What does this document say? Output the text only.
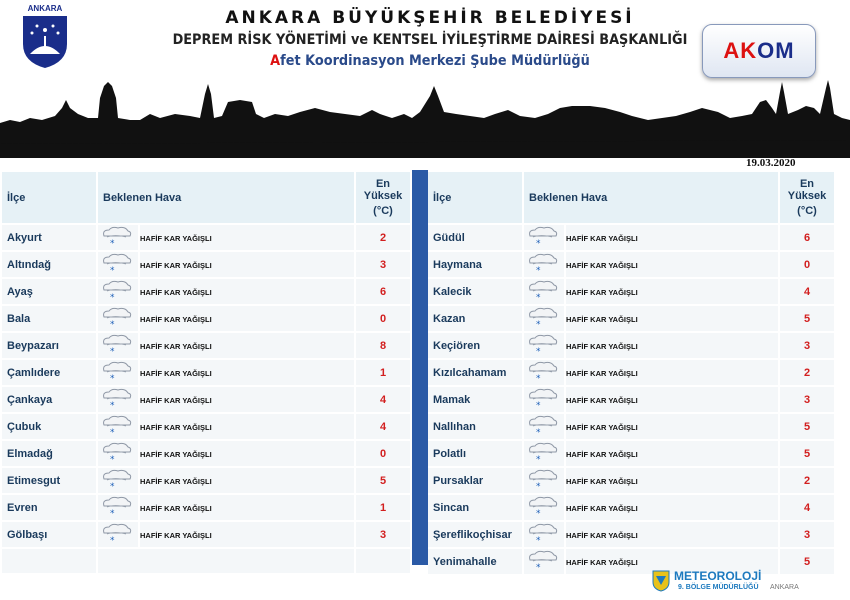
ANKARA	ANKARA BÜYÜKŞEHİR BELEDİYESİ
DEPREM RİSK YÖNETİMİ ve KENTSEL İYİLEŞTİRME DAİRESİ BAŞKANLIĞI
Afet Koordinasyon Merkezi Şube Müdürlüğü	AKOM
19.03.2020
İlçe	Beklenen Hava		En
Yüksek
(°C)

Akyurt	*	HAFİF KAR YAĞIŞLI	2
Altındağ	*	HAFİF KAR YAĞIŞLI	3
Ayaş	*	HAFİF KAR YAĞIŞLI	6
Bala	*	HAFİF KAR YAĞIŞLI	0
Beypazarı	*	HAFİF KAR YAĞIŞLI	8
Çamlıdere	*	HAFİF KAR YAĞIŞLI	1
Çankaya	*	HAFİF KAR YAĞIŞLI	4
Çubuk	*	HAFİF KAR YAĞIŞLI	4
Elmadağ	*	HAFİF KAR YAĞIŞLI	0
Etimesgut	*	HAFİF KAR YAĞIŞLI	5
Evren	*	HAFİF KAR YAĞIŞLI	1
Gölbaşı	*	HAFİF KAR YAĞIŞLI	3

İlçe	Beklenen Hava		En
Yüksek
(°C)

Güdül	*	HAFİF KAR YAĞIŞLI	6
Haymana	*	HAFİF KAR YAĞIŞLI	0
Kalecik	*	HAFİF KAR YAĞIŞLI	4
Kazan	*	HAFİF KAR YAĞIŞLI	5
Keçiören	*	HAFİF KAR YAĞIŞLI	3
Kızılcahamam	*	HAFİF KAR YAĞIŞLI	2
Mamak	*	HAFİF KAR YAĞIŞLI	3
Nallıhan	*	HAFİF KAR YAĞIŞLI	5
Polatlı	*	HAFİF KAR YAĞIŞLI	5
Pursaklar	*	HAFİF KAR YAĞIŞLI	2
Sincan	*	HAFİF KAR YAĞIŞLI	4
Şereflikoçhisar	*	HAFİF KAR YAĞIŞLI	3
Yenimahalle	*	HAFİF KAR YAĞIŞLI	5
METEOROLOJİ
9. BÖLGE MÜDÜRLÜĞÜ ANKARA
